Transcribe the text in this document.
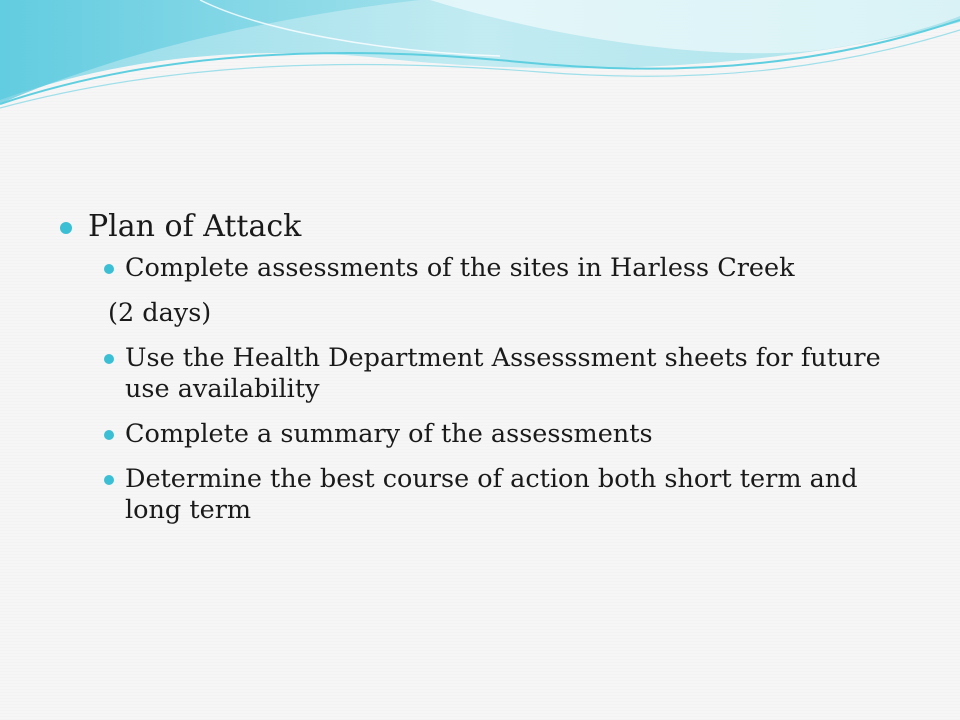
Plan of Attack
Complete assessments of the sites in Harless Creek
(2 days)
Use the Health Department Assesssment sheets for future use availability
Complete a summary of the assessments
Determine the best course of action both short term and long term
